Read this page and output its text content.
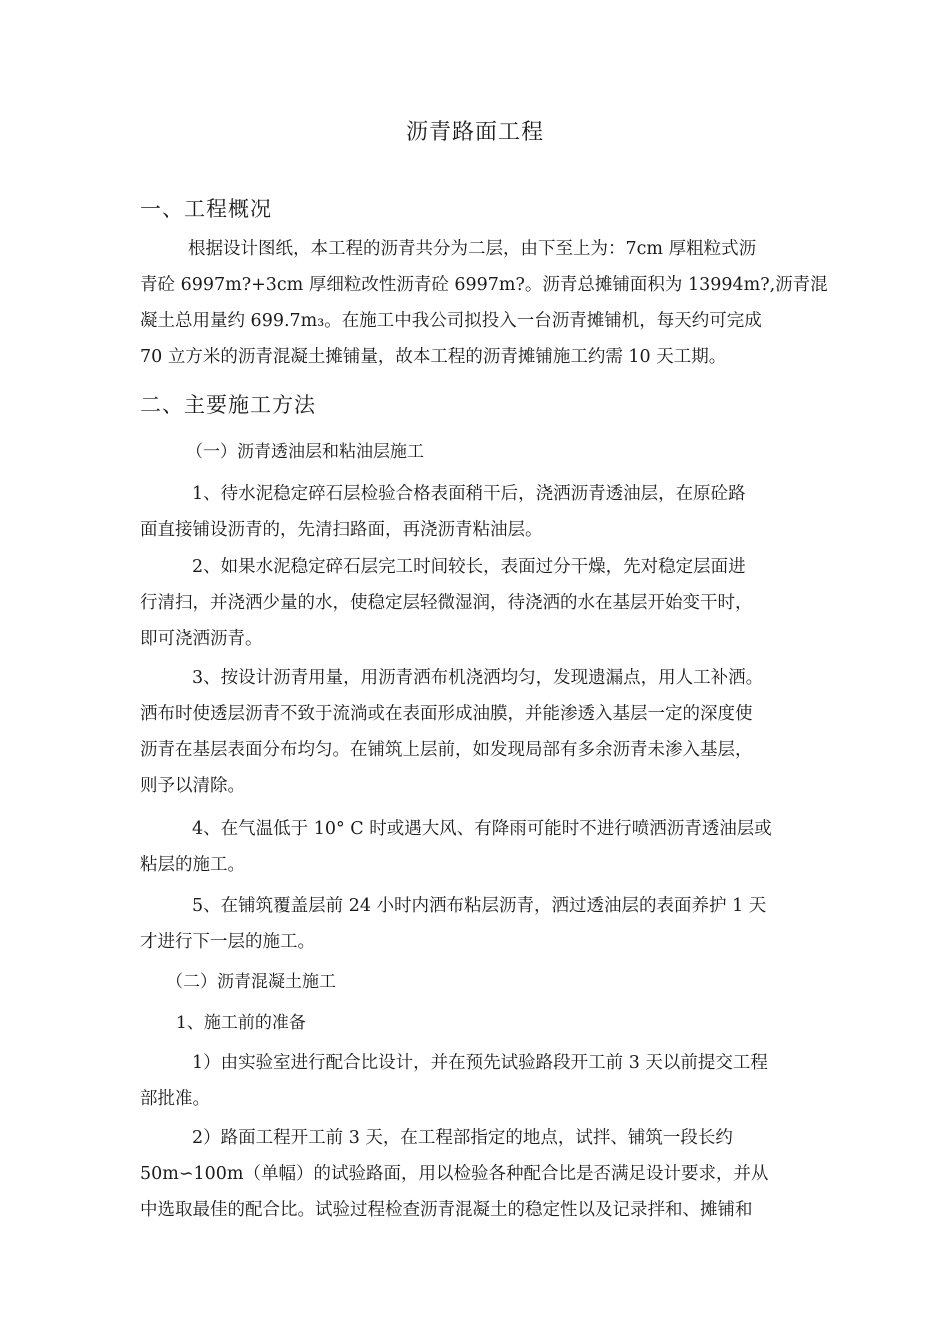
沥青路面工程
一、工程概况
根据设计图纸，本工程的沥青共分为二层，由下至上为：7cm 厚粗粒式沥
青砼 6997m?+3cm 厚细粒改性沥青砼 6997m?。沥青总摊铺面积为 13994m?,沥青混
凝土总用量约 699.7m₃。在施工中我公司拟投入一台沥青摊铺机，每天约可完成
70 立方米的沥青混凝土摊铺量，故本工程的沥青摊铺施工约需 10 天工期。
二、主要施工方法
（一）沥青透油层和粘油层施工
1、待水泥稳定碎石层检验合格表面稍干后，浇洒沥青透油层，在原砼路
面直接铺设沥青的，先清扫路面，再浇沥青粘油层。
2、如果水泥稳定碎石层完工时间较长，表面过分干燥，先对稳定层面进
行清扫，并浇洒少量的水，使稳定层轻微湿润，待浇洒的水在基层开始变干时，
即可浇洒沥青。
3、按设计沥青用量，用沥青洒布机浇洒均匀，发现遗漏点，用人工补洒。
洒布时使透层沥青不致于流淌或在表面形成油膜，并能渗透入基层一定的深度使
沥青在基层表面分布均匀。在铺筑上层前，如发现局部有多余沥青未渗入基层，
则予以清除。
4、在气温低于 10° C 时或遇大风、有降雨可能时不进行喷洒沥青透油层或
粘层的施工。
5、在铺筑覆盖层前 24 小时内洒布粘层沥青，洒过透油层的表面养护 1 天
才进行下一层的施工。
（二）沥青混凝土施工
1、施工前的准备
1）由实验室进行配合比设计，并在预先试验路段开工前 3 天以前提交工程
部批准。
2）路面工程开工前 3 天，在工程部指定的地点，试拌、铺筑一段长约
50m∽100m（单幅）的试验路面，用以检验各种配合比是否满足设计要求，并从
中选取最佳的配合比。试验过程检查沥青混凝土的稳定性以及记录拌和、摊铺和
